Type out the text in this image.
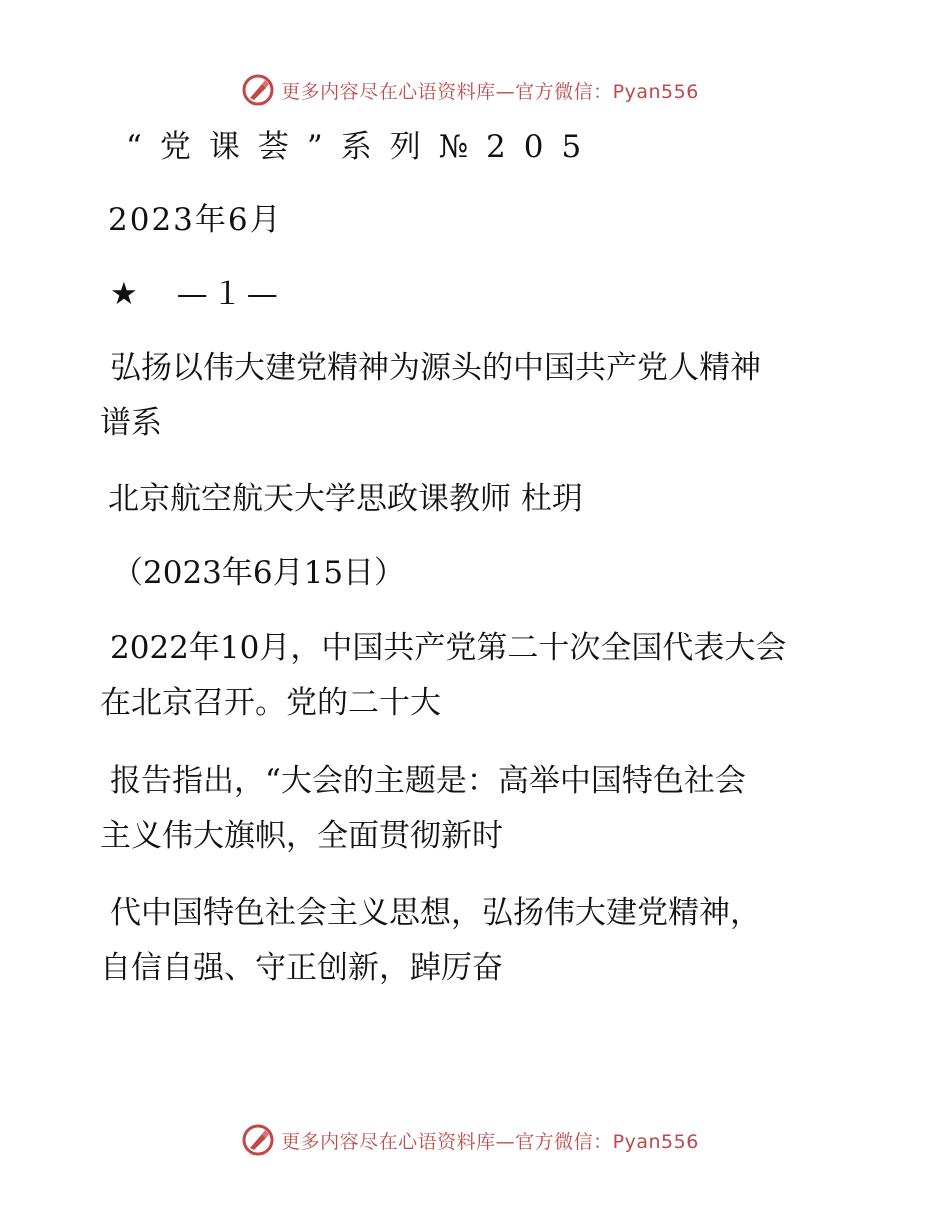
更多内容尽在心语资料库—官方微信：Pyan556
“党课荟”系列№205
2023年6月
★　—１—
弘扬以伟大建党精神为源头的中国共产党人精神
谱系
北京航空航天大学思政课教师 杜玥
（2023年6月15日）
2022年10月，中国共产党第二十次全国代表大会
在北京召开。党的二十大
报告指出，“大会的主题是：高举中国特色社会
主义伟大旗帜，全面贯彻新时
代中国特色社会主义思想，弘扬伟大建党精神，
自信自强、守正创新，踔厉奋
更多内容尽在心语资料库—官方微信：Pyan556
